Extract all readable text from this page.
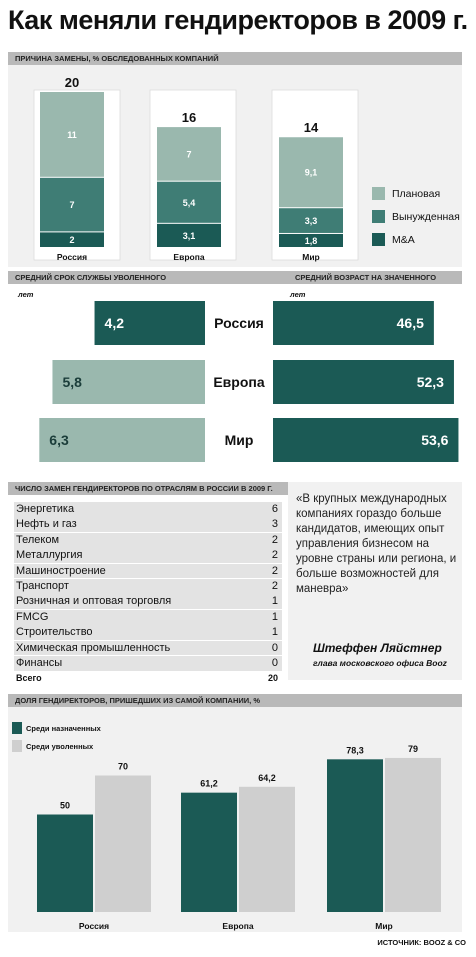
Как меняли гендиректоров в 2009 г.
ПРИЧИНА ЗАМЕНЫ, % ОБСЛЕДОВАННЫХ КОМПАНИЙ
2
7
11
20
Россия
3,1
5,4
7
16
Европа
1,8
3,3
9,1
14
Мир
Плановая
Вынужденная
M&A
СРЕДНИЙ СРОК СЛУЖБЫ УВОЛЕННОГО	СРЕДНИЙ ВОЗРАСТ НА ЗНАЧЕННОГО
лет	лет
4,2	46,5
Россия
5,8	52,3
Европа
6,3	53,6
Мир
ЧИСЛО ЗАМЕН ГЕНДИРЕКТОРОВ ПО ОТРАСЛЯМ В РОССИИ В 2009 Г.
Энергетика	6
Нефть и газ	3
Телеком	2
Металлургия	2
Машиностроение	2
Транспорт	2
Розничная и оптовая торговля	1
FMCG	1
Строительство	1
Химическая промышленность	0
Финансы	0
Всего	20
«В крупных международных компаниях гораздо больше кандидатов, имеющих опыт управления бизнесом на уровне страны или региона, и больше возможностей для маневра»
Штеффен Ляйстнер
глава московского офиса Booz
ДОЛЯ ГЕНДИРЕКТОРОВ, ПРИШЕДШИХ ИЗ САМОЙ КОМПАНИИ, %
Среди назначенных
Среди уволенных
50
70
Россия
61,2
64,2
Европа
78,3	79
Мир
ИСТОЧНИК: BOOZ & CO
